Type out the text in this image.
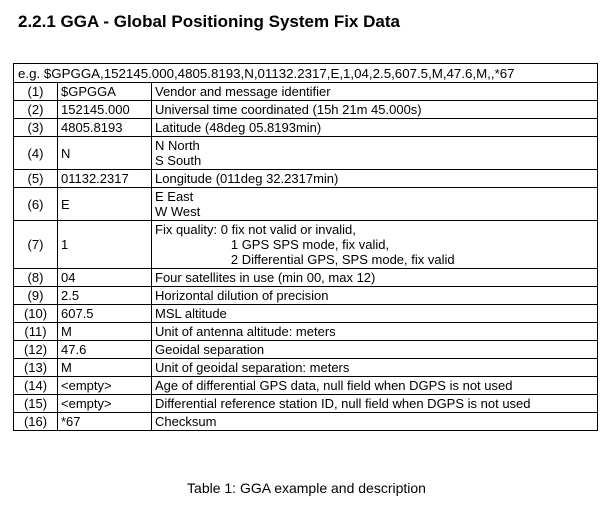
2.2.1 GGA - Global Positioning System Fix Data
e.g. $GPGGA,152145.000,4805.8193,N,01132.2317,E,1,04,2.5,607.5,M,47.6,M,,*67		
(1)	$GPGGA	Vendor and message identifier

(2)	152145.000	Universal time coordinated (15h 21m 45.000s)

(3)	4805.8193	Latitude (48deg 05.8193min)

(4)	N	N North
S South

(5)	01132.2317	Longitude (011deg 32.2317min)

(6)	E	E East
W West

(7)	1	Fix quality: 0 fix not valid or invalid,
1 GPS SPS mode, fix valid,
2 Differential GPS, SPS mode, fix valid

(8)	04	Four satellites in use (min 00, max 12)

(9)	2.5	Horizontal dilution of precision

(10)	607.5	MSL altitude

(11)	M	Unit of antenna altitude: meters

(12)	47.6	Geoidal separation

(13)	M	Unit of geoidal separation: meters

(14)	<empty>	Age of differential GPS data, null field when DGPS is not used

(15)	<empty>	Differential reference station ID, null field when DGPS is not used

(16)	*67	Checksum
Table 1: GGA example and description
